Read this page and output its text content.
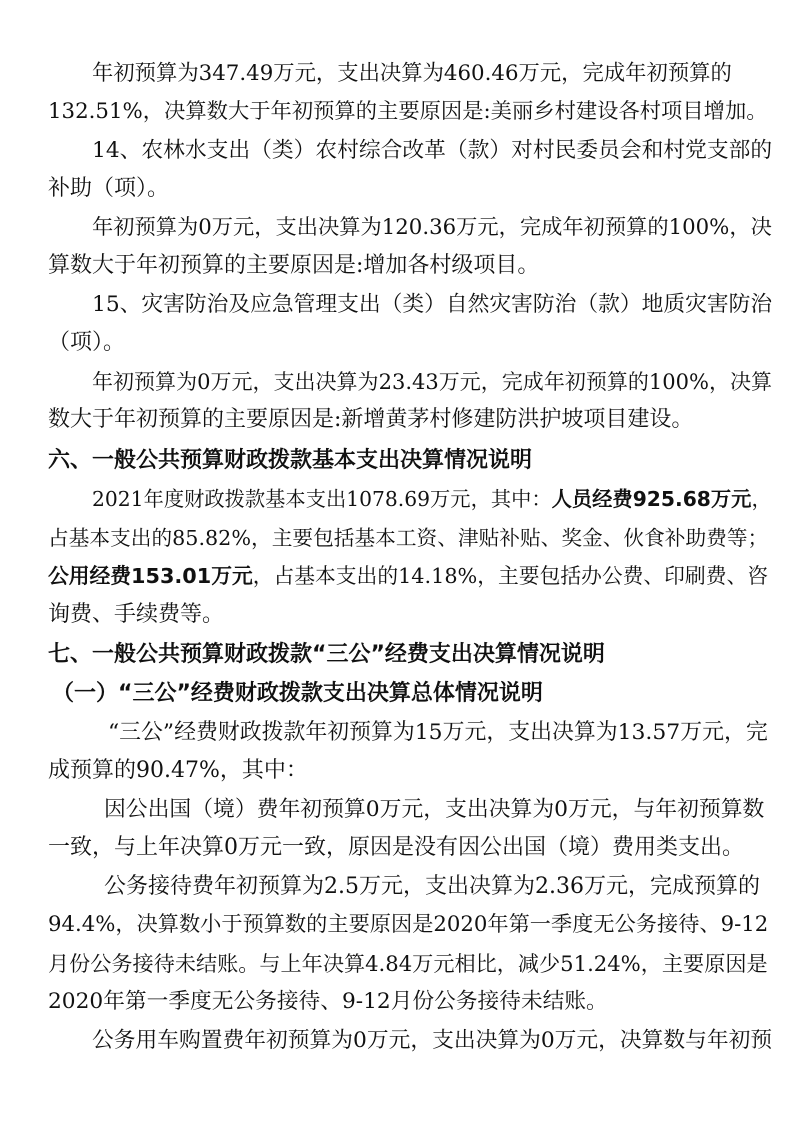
年初预算为347.49万元，支出决算为460.46万元，完成年初预算的
132.51%，决算数大于年初预算的主要原因是:美丽乡村建设各村项目增加。
14、农林水支出（类）农村综合改革（款）对村民委员会和村党支部的
补助（项）。
年初预算为0万元，支出决算为120.36万元，完成年初预算的100%，决
算数大于年初预算的主要原因是:增加各村级项目。
15、灾害防治及应急管理支出（类）自然灾害防治（款）地质灾害防治
（项）。
年初预算为0万元，支出决算为23.43万元，完成年初预算的100%，决算
数大于年初预算的主要原因是:新增黄茅村修建防洪护坡项目建设。
六、一般公共预算财政拨款基本支出决算情况说明
2021年度财政拨款基本支出1078.69万元，其中：人员经费925.68万元，
占基本支出的85.82%，主要包括基本工资、津贴补贴、奖金、伙食补助费等；
公用经费153.01万元，占基本支出的14.18%，主要包括办公费、印刷费、咨
询费、手续费等。
七、一般公共预算财政拨款“三公”经费支出决算情况说明
（一）“三公”经费财政拨款支出决算总体情况说明
“三公”经费财政拨款年初预算为15万元，支出决算为13.57万元，完
成预算的90.47%，其中：
因公出国（境）费年初预算0万元，支出决算为0万元，与年初预算数
一致，与上年决算0万元一致，原因是没有因公出国（境）费用类支出。
公务接待费年初预算为2.5万元，支出决算为2.36万元，完成预算的
94.4%，决算数小于预算数的主要原因是2020年第一季度无公务接待、9-12
月份公务接待未结账。与上年决算4.84万元相比，减少51.24%，主要原因是
2020年第一季度无公务接待、9-12月份公务接待未结账。
公务用车购置费年初预算为0万元，支出决算为0万元，决算数与年初预
